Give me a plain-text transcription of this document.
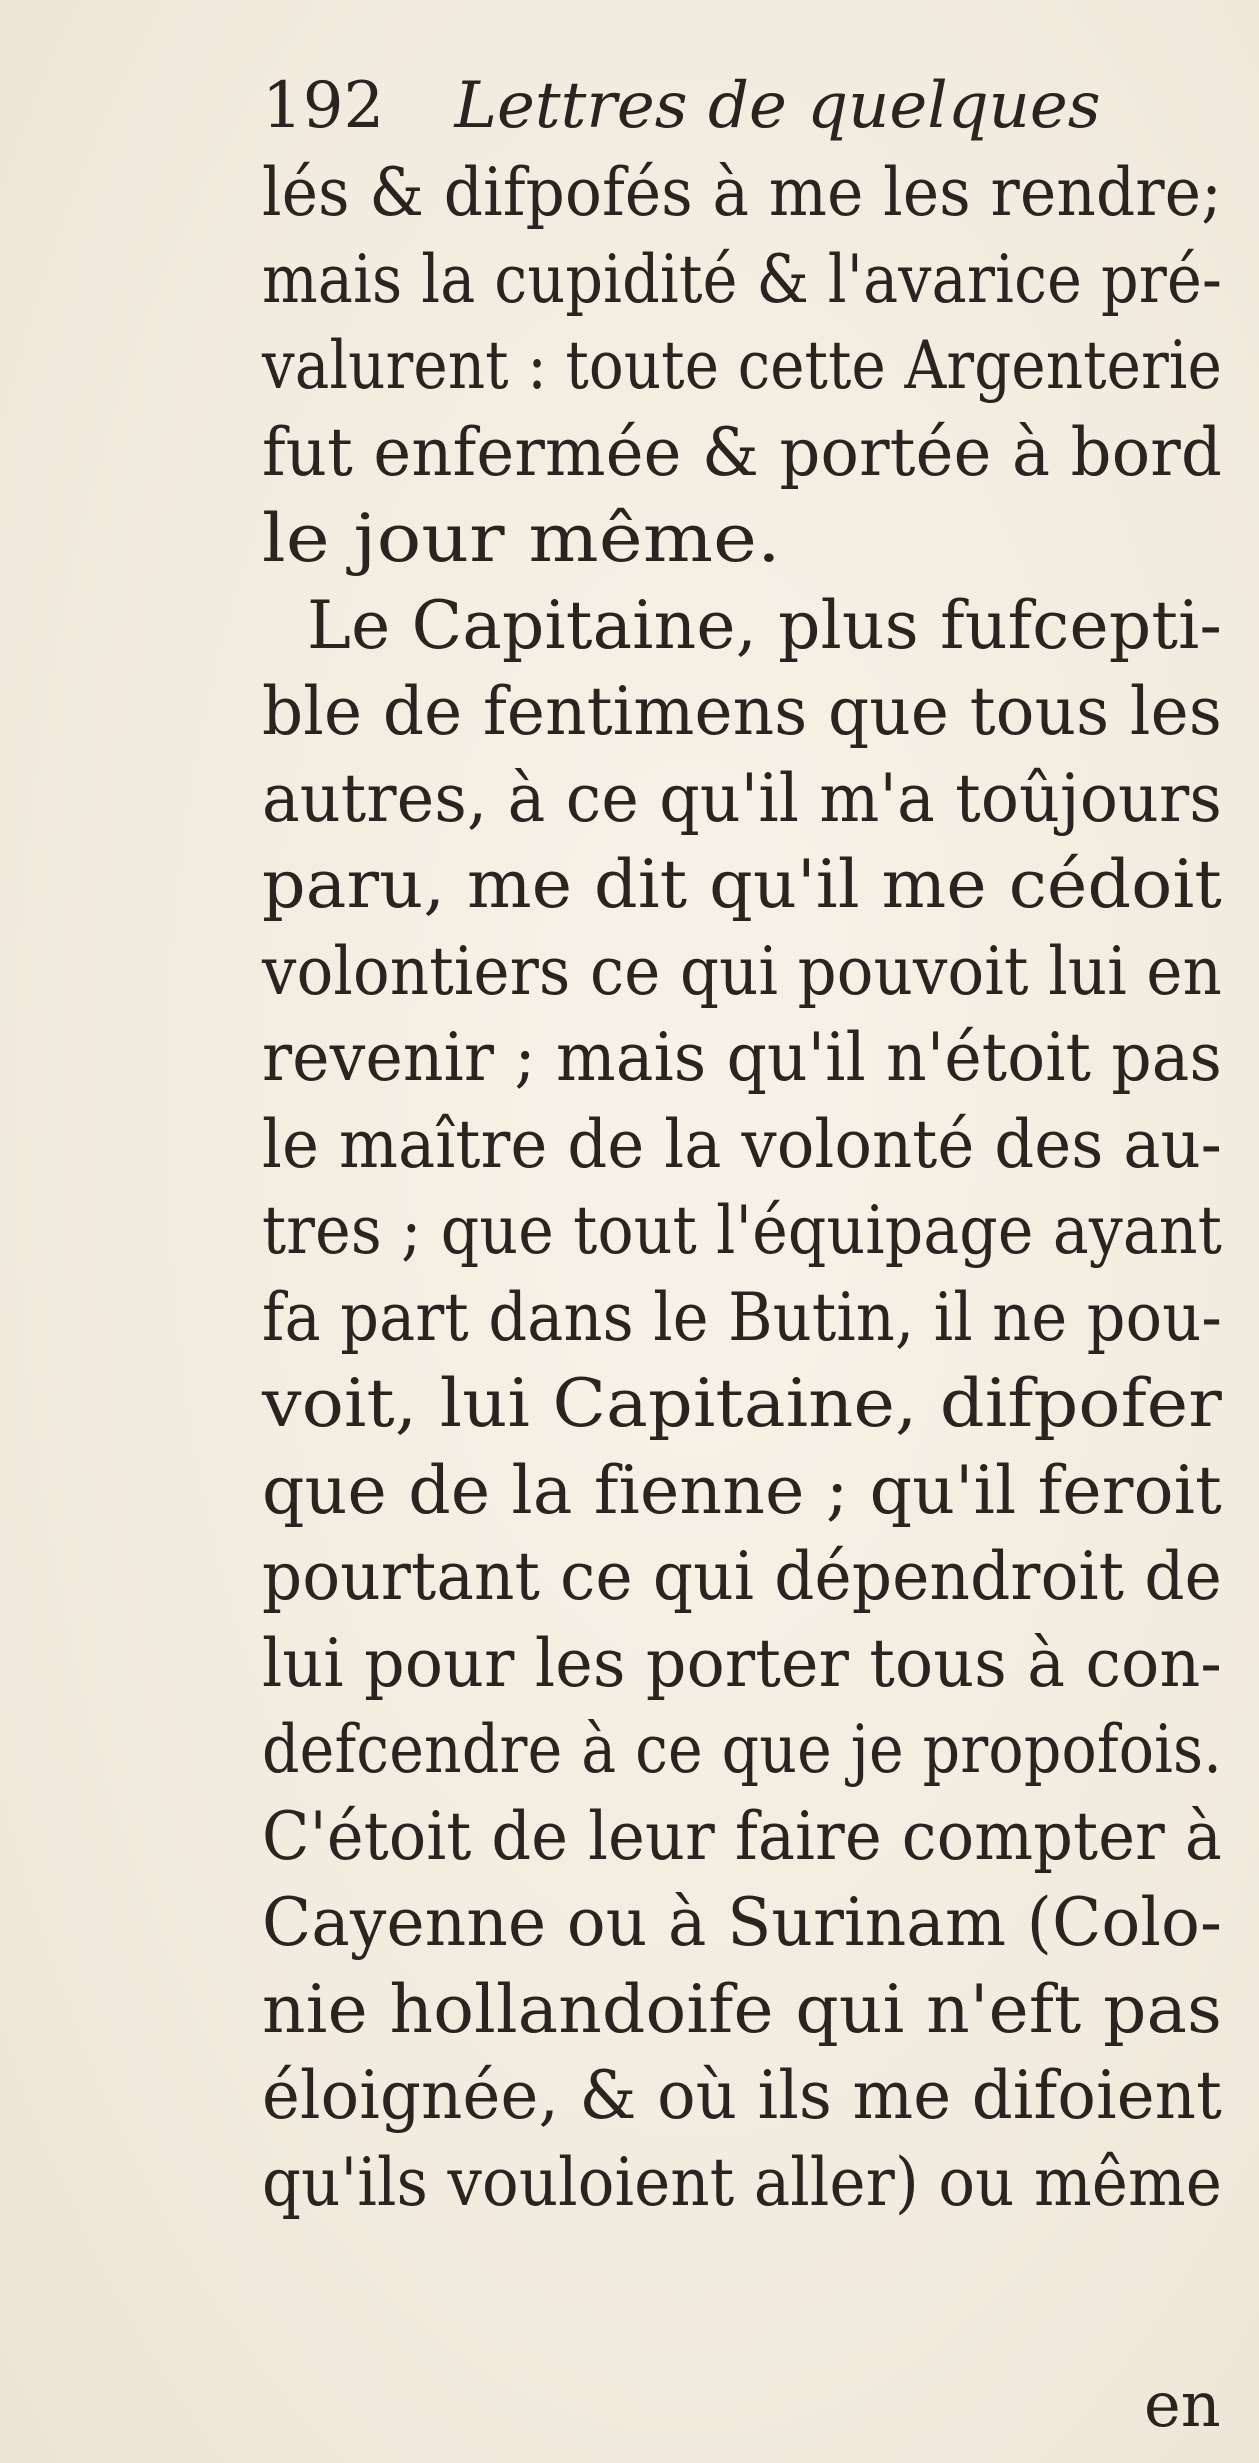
192 Lettres de quelques
lés & difpofés à me les rendre;
mais la cupidité & l'avarice pré-
valurent : toute cette Argenterie
fut enfermée & portée à bord
le jour même.
Le Capitaine, plus fufcepti-
ble de fentimens que tous les
autres, à ce qu'il m'a toûjours
paru, me dit qu'il me cédoit
volontiers ce qui pouvoit lui en
revenir ; mais qu'il n'étoit pas
le maître de la volonté des au-
tres ; que tout l'équipage ayant
fa part dans le Butin, il ne pou-
voit, lui Capitaine, difpofer
que de la fienne ; qu'il feroit
pourtant ce qui dépendroit de
lui pour les porter tous à con-
defcendre à ce que je propofois.
C'étoit de leur faire compter à
Cayenne ou à Surinam (Colo-
nie hollandoife qui n'eft pas
éloignée, & où ils me difoient
qu'ils vouloient aller) ou même
en
